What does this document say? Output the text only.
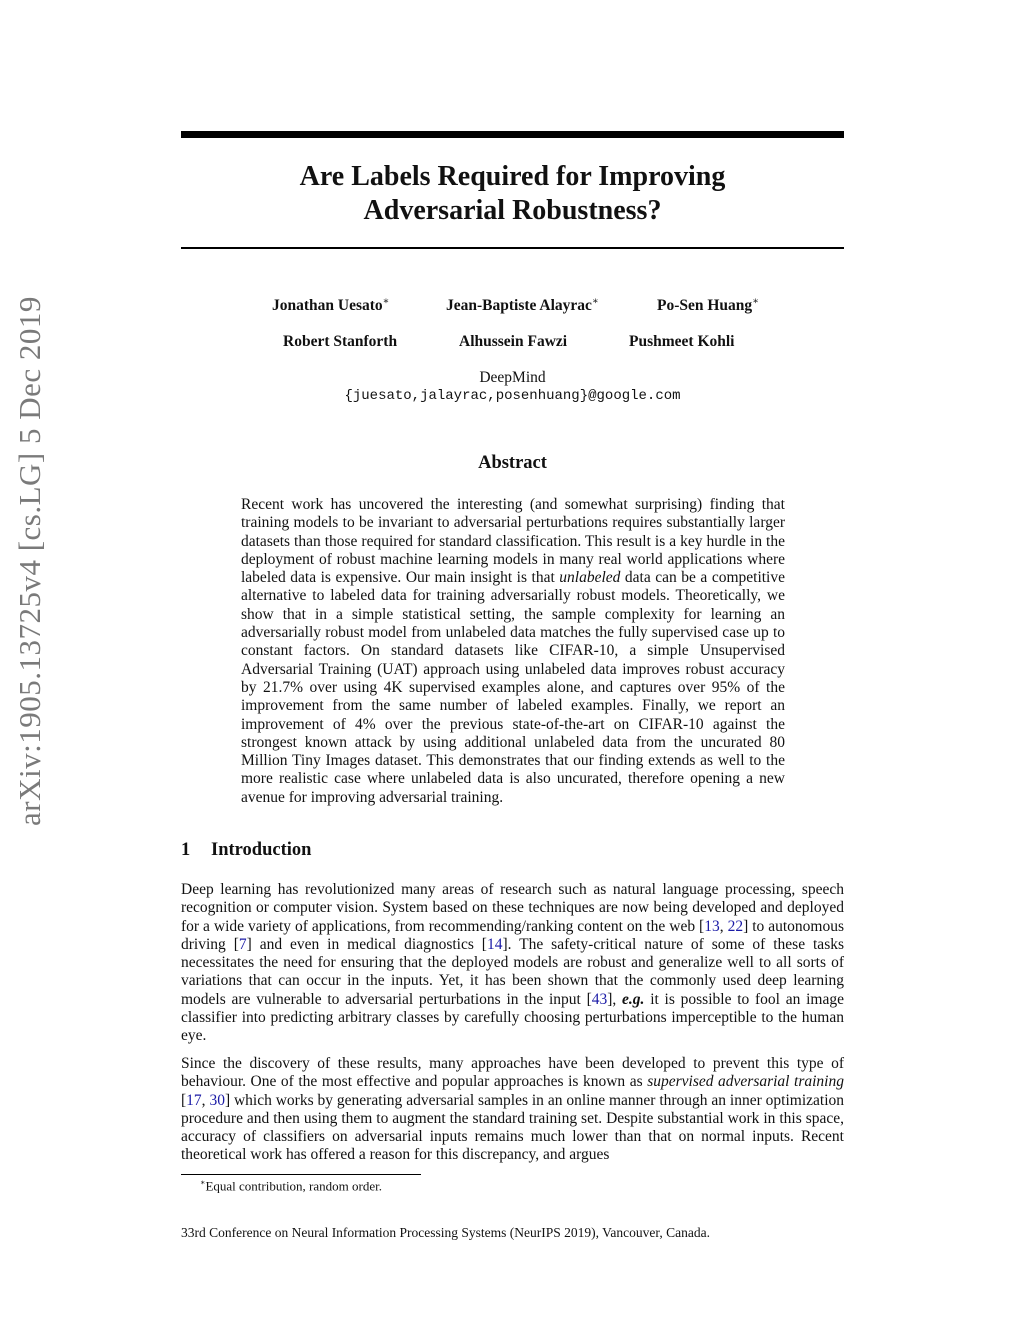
arXiv:1905.13725v4 [cs.LG] 5 Dec 2019
Are Labels Required for Improving
Adversarial Robustness?
Jonathan Uesato∗	Jean-Baptiste Alayrac∗	Po-Sen Huang∗
Robert Stanforth	Alhussein Fawzi	Pushmeet Kohli
DeepMind
{juesato,jalayrac,posenhuang}@google.com
Abstract

Recent work has uncovered the interesting (and somewhat surprising) finding that training models to be invariant to adversarial perturbations requires substantially larger datasets than those required for standard classification. This result is a key hurdle in the deployment of robust machine learning models in many real world applications where labeled data is expensive. Our main insight is that unlabeled data can be a competitive alternative to labeled data for training adversarially robust models. Theoretically, we show that in a simple statistical setting, the sample complexity for learning an adversarially robust model from unlabeled data matches the fully supervised case up to constant factors. On standard datasets like CIFAR-10, a simple Unsupervised Adversarial Training (UAT) approach using unlabeled data improves robust accuracy by 21.7% over using 4K supervised examples alone, and captures over 95% of the improvement from the same number of labeled examples. Finally, we report an improvement of 4% over the previous state-of-the-art on CIFAR-10 against the strongest known attack by using additional unlabeled data from the uncurated 80 Million Tiny Images dataset. This demonstrates that our finding extends as well to the more realistic case where unlabeled data is also uncurated, therefore opening a new avenue for improving adversarial training.

1 Introduction

Deep learning has revolutionized many areas of research such as natural language processing, speech recognition or computer vision. System based on these techniques are now being developed and deployed for a wide variety of applications, from recommending/ranking content on the web [13, 22] to autonomous driving [7] and even in medical diagnostics [14]. The safety-critical nature of some of these tasks necessitates the need for ensuring that the deployed models are robust and generalize well to all sorts of variations that can occur in the inputs. Yet, it has been shown that the commonly used deep learning models are vulnerable to adversarial perturbations in the input [43], e.g. it is possible to fool an image classifier into predicting arbitrary classes by carefully choosing perturbations imperceptible to the human eye.

Since the discovery of these results, many approaches have been developed to prevent this type of behaviour. One of the most effective and popular approaches is known as supervised adversarial training [17, 30] which works by generating adversarial samples in an online manner through an inner optimization procedure and then using them to augment the standard training set. Despite substantial work in this space, accuracy of classifiers on adversarial inputs remains much lower than that on normal inputs. Recent theoretical work has offered a reason for this discrepancy, and argues

∗Equal contribution, random order.
33rd Conference on Neural Information Processing Systems (NeurIPS 2019), Vancouver, Canada.
